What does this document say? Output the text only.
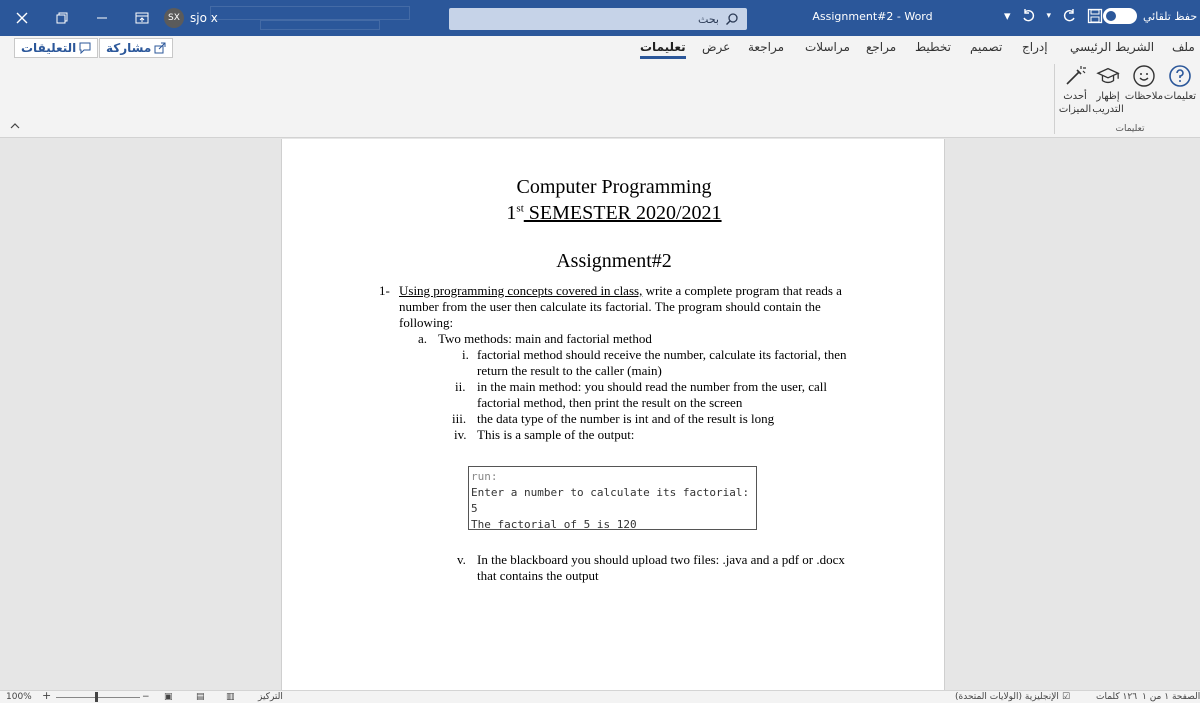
SX sjo x	بحث	Assignment#2 - Word	▾	▾	حفظ تلقائي
التعليقات مشاركة	تعليمات عرض مراجعة مراسلات مراجع تخطيط تصميم إدراج الشريط الرئيسي ملف
تعليمات
ملاحظات
إظهار التدريب
أحدث الميزات
تعليمات
Computer Programming
1st SEMESTER 2020/2021
Assignment#2
1- Using programming concepts covered in class, write a complete program that reads a
number from the user then calculate its factorial. The program should contain the
following:
a. Two methods: main and factorial method
i. factorial method should receive the number, calculate its factorial, then
return the result to the caller (main)
ii. in the main method: you should read the number from the user, call
factorial method, then print the result on the screen
iii. the data type of the number is int and of the result is long
iv. This is a sample of the output:
run:
Enter a number to calculate its factorial:
5
The factorial of 5 is 120
v. In the blackboard you should upload two files: .java and a pdf or .docx
that contains the output
100% +	− ▣	▤ ▥	التركيز	الإنجليزية (الولايات المتحدة) ☑	١٢٦ كلمات الصفحة ١ من ١
